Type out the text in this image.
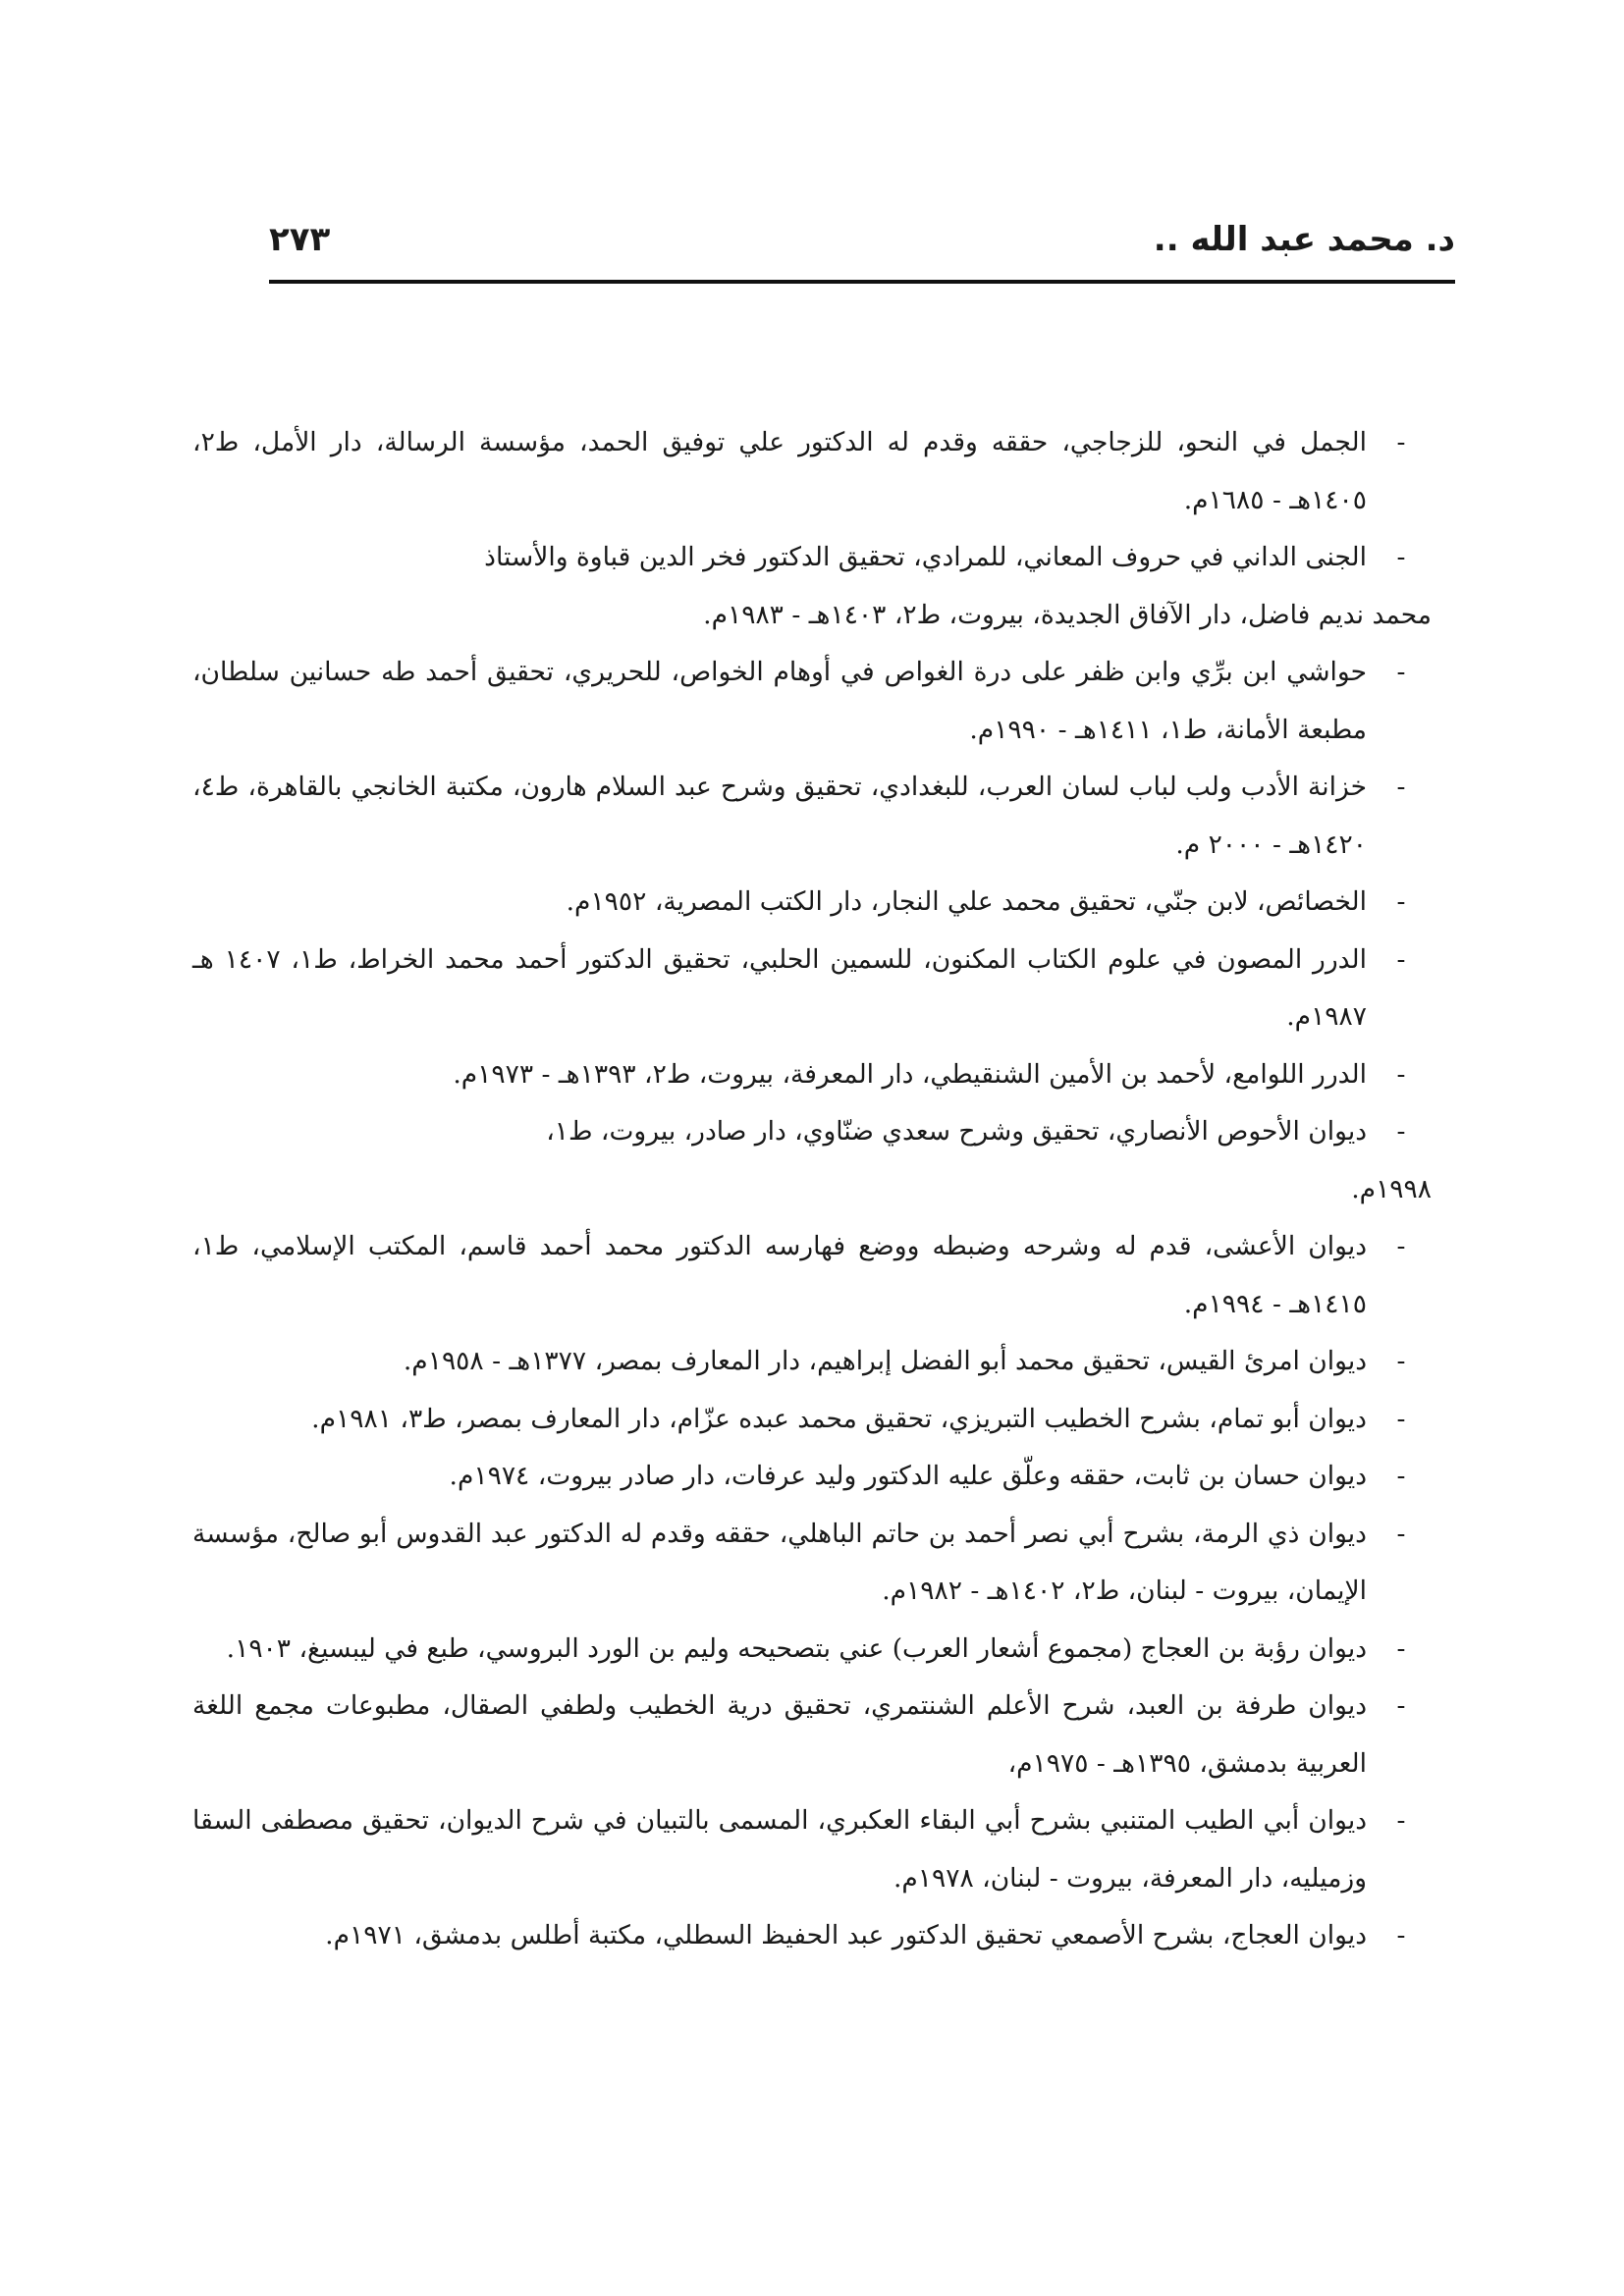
د. محمد عبد الله ..
٢٧٣
-
الجمل في النحو، للزجاجي، حققه وقدم له الدكتور علي توفيق الحمد، مؤسسة الرسالة، دار الأمل، ط٢، ١٤٠٥هـ - ١٦٨٥م.
-
الجنى الداني في حروف المعاني، للمرادي، تحقيق الدكتور فخر الدين قباوة والأستاذ
محمد نديم فاضل، دار الآفاق الجديدة، بيروت، ط٢، ١٤٠٣هـ - ١٩٨٣م.
-
حواشي ابن برِّي وابن ظفر على درة الغواص في أوهام الخواص، للحريري، تحقيق أحمد طه حسانين سلطان، مطبعة الأمانة، ط١، ١٤١١هـ - ١٩٩٠م.
-
خزانة الأدب ولب لباب لسان العرب، للبغدادي، تحقيق وشرح عبد السلام هارون، مكتبة الخانجي بالقاهرة، ط٤، ١٤٢٠هـ - ٢٠٠٠ م.
-
الخصائص، لابن جنّي، تحقيق محمد علي النجار، دار الكتب المصرية، ١٩٥٢م.
-
الدرر المصون في علوم الكتاب المكنون، للسمين الحلبي، تحقيق الدكتور أحمد محمد الخراط، ط١، ١٤٠٧ هـ ١٩٨٧م.
-
الدرر اللوامع، لأحمد بن الأمين الشنقيطي، دار المعرفة، بيروت، ط٢، ١٣٩٣هـ - ١٩٧٣م.
-
ديوان الأحوص الأنصاري، تحقيق وشرح سعدي ضنّاوي، دار صادر، بيروت، ط١،
١٩٩٨م.
-
ديوان الأعشى، قدم له وشرحه وضبطه ووضع فهارسه الدكتور محمد أحمد قاسم، المكتب الإسلامي، ط١، ١٤١٥هـ - ١٩٩٤م.
-
ديوان امرئ القيس، تحقيق محمد أبو الفضل إبراهيم، دار المعارف بمصر، ١٣٧٧هـ - ١٩٥٨م.
-
ديوان أبو تمام، بشرح الخطيب التبريزي، تحقيق محمد عبده عزّام، دار المعارف بمصر، ط٣، ١٩٨١م.
-
ديوان حسان بن ثابت، حققه وعلّق عليه الدكتور وليد عرفات، دار صادر بيروت، ١٩٧٤م.
-
ديوان ذي الرمة، بشرح أبي نصر أحمد بن حاتم الباهلي، حققه وقدم له الدكتور عبد القدوس أبو صالح، مؤسسة الإيمان، بيروت - لبنان، ط٢، ١٤٠٢هـ - ١٩٨٢م.
-
ديوان رؤبة بن العجاج (مجموع أشعار العرب) عني بتصحيحه وليم بن الورد البروسي، طبع في ليبسيغ، ١٩٠٣.
-
ديوان طرفة بن العبد، شرح الأعلم الشنتمري، تحقيق درية الخطيب ولطفي الصقال، مطبوعات مجمع اللغة العربية بدمشق، ١٣٩٥هـ - ١٩٧٥م،
-
ديوان أبي الطيب المتنبي بشرح أبي البقاء العكبري، المسمى بالتبيان في شرح الديوان، تحقيق مصطفى السقا وزميليه، دار المعرفة، بيروت - لبنان، ١٩٧٨م.
-
ديوان العجاج، بشرح الأصمعي تحقيق الدكتور عبد الحفيظ السطلي، مكتبة أطلس بدمشق، ١٩٧١م.
